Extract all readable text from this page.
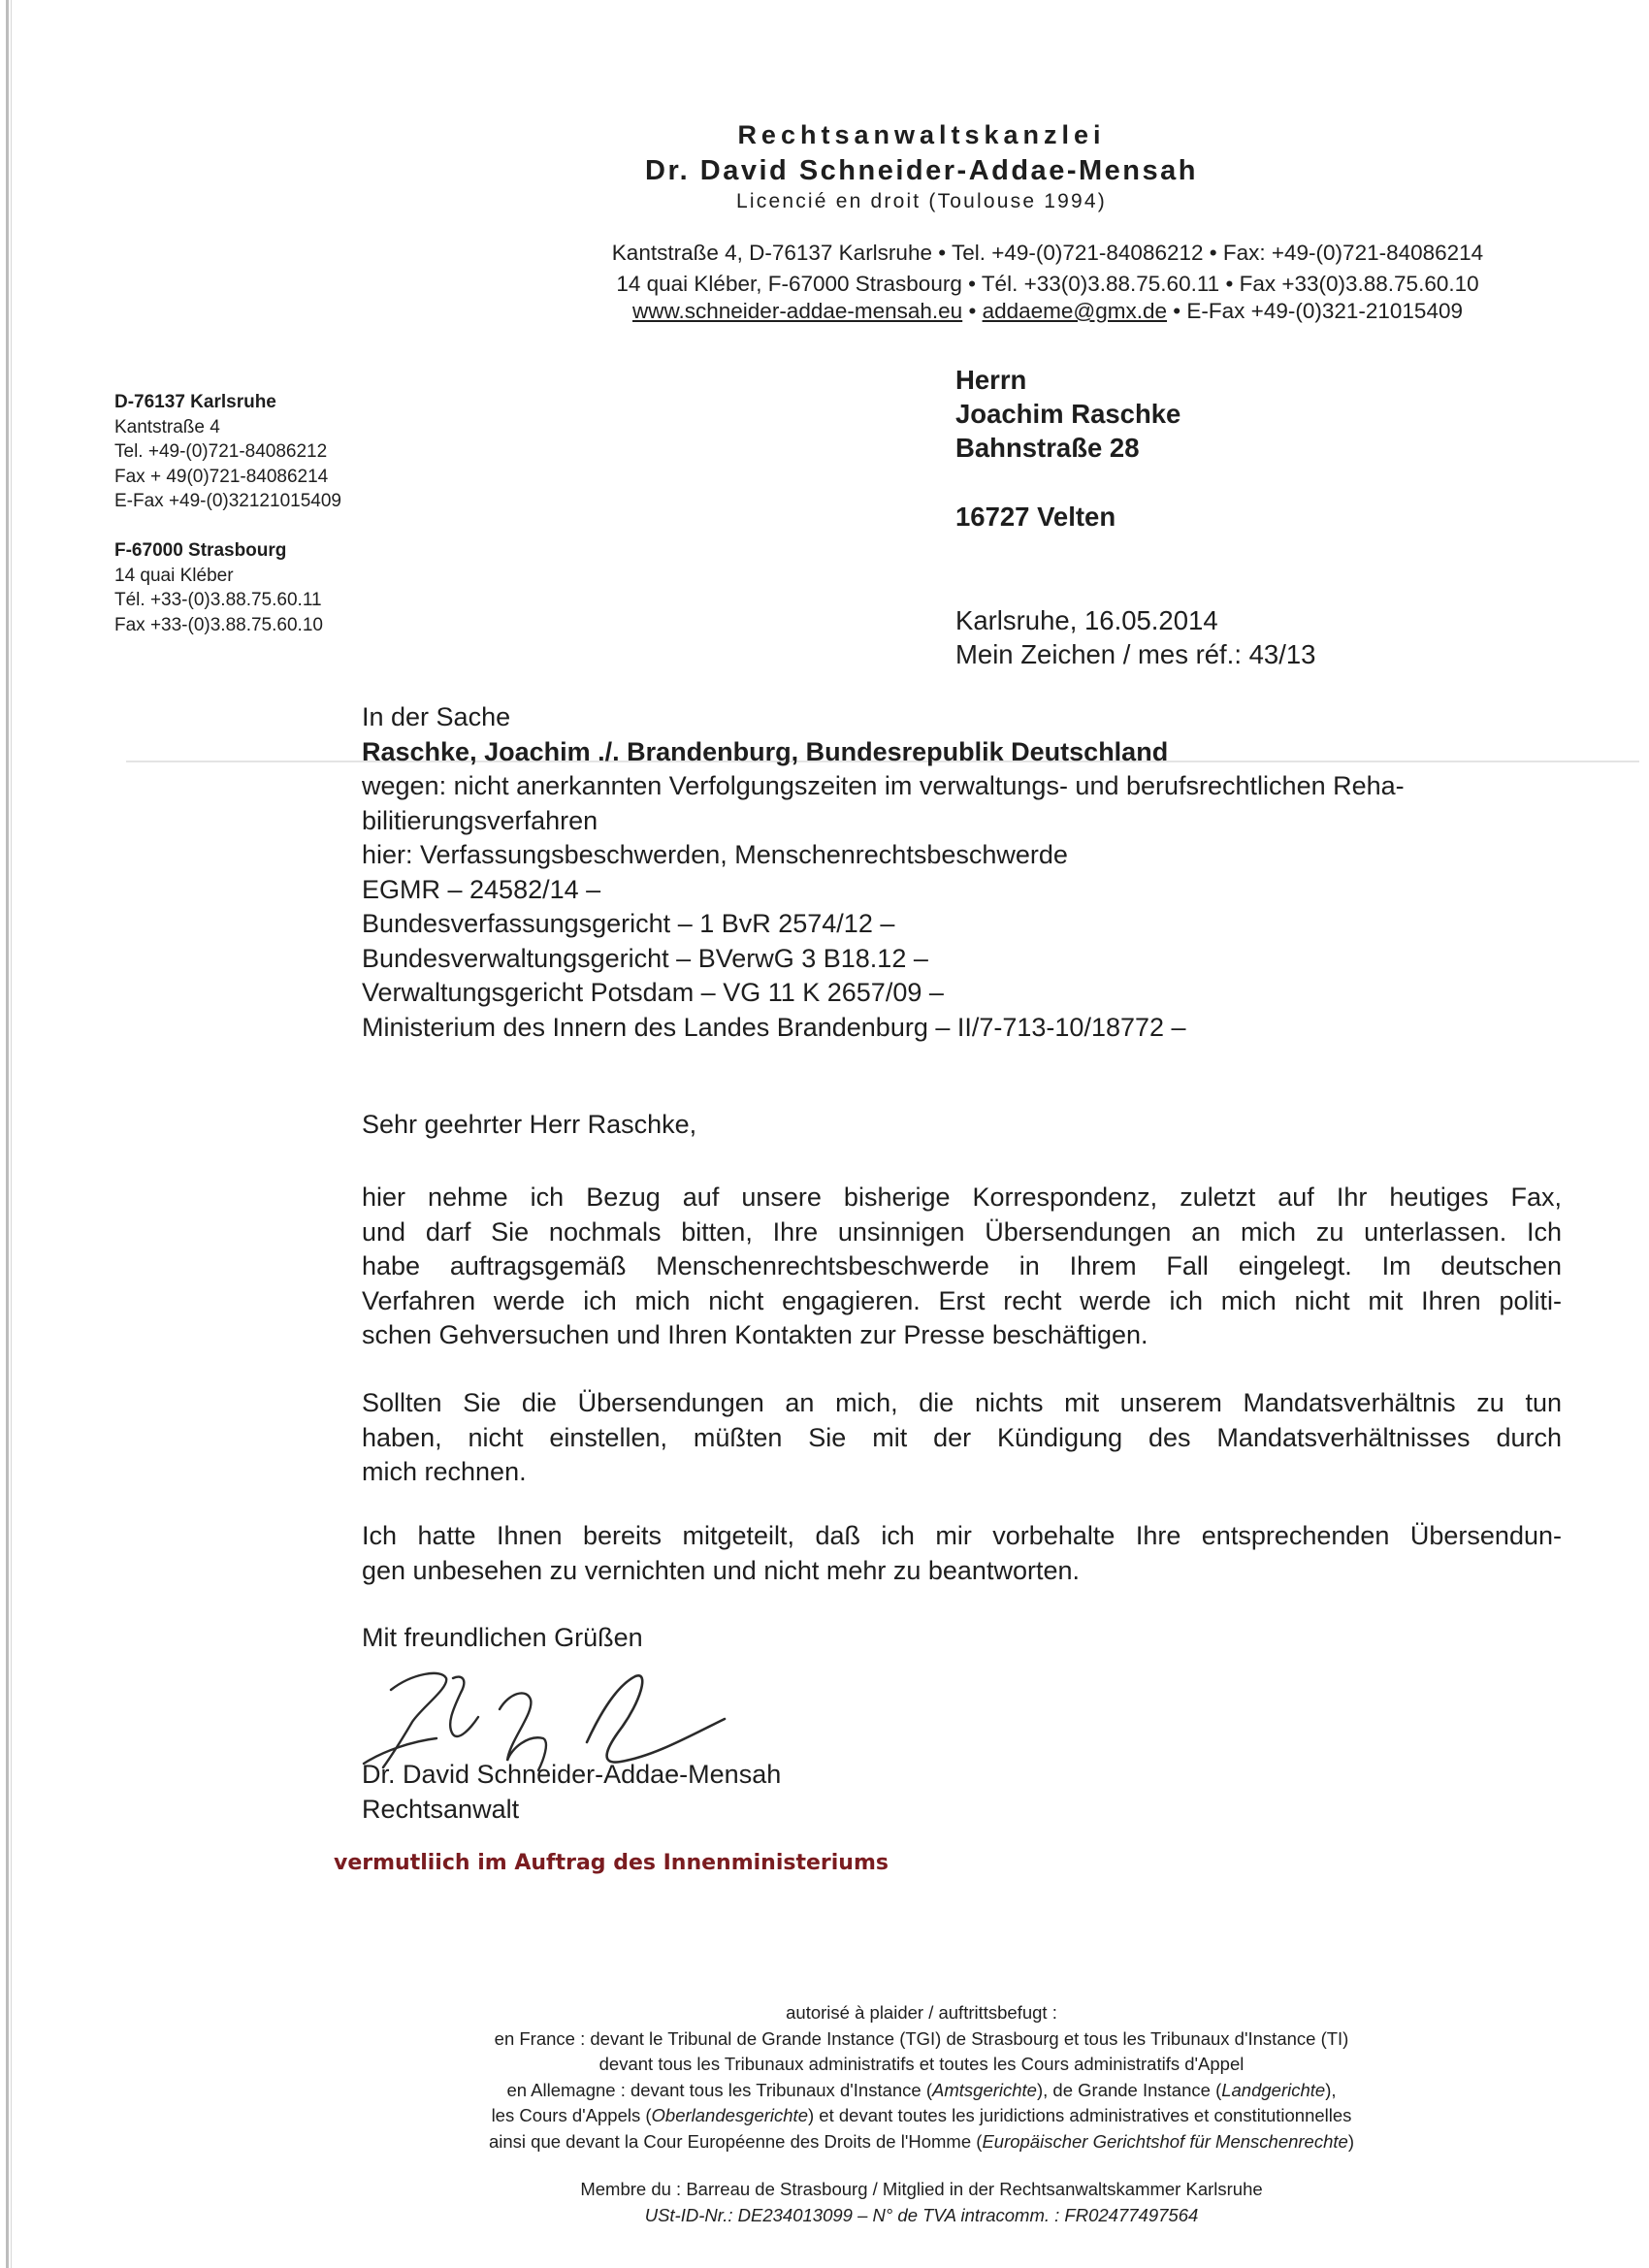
Rechtsanwaltskanzlei
Dr. David Schneider-Addae-Mensah
Licencié en droit (Toulouse 1994)
Kantstraße 4, D-76137 Karlsruhe • Tel. +49-(0)721-84086212 • Fax: +49-(0)721-84086214
14 quai Kléber, F-67000 Strasbourg • Tél. +33(0)3.88.75.60.11 • Fax +33(0)3.88.75.60.10
www.schneider-addae-mensah.eu • addaeme@gmx.de • E-Fax +49-(0)321-21015409
D-76137 Karlsruhe
Kantstraße 4
Tel. +49-(0)721-84086212
Fax + 49(0)721-84086214
E-Fax +49-(0)32121015409
F-67000 Strasbourg
14 quai Kléber
Tél. +33-(0)3.88.75.60.11
Fax +33-(0)3.88.75.60.10
Herrn
Joachim Raschke
Bahnstraße 28
16727 Velten
Karlsruhe, 16.05.2014
Mein Zeichen / mes réf.: 43/13
In der Sache
Raschke, Joachim ./. Brandenburg, Bundesrepublik Deutschland
wegen: nicht anerkannten Verfolgungszeiten im verwaltungs- und berufsrechtlichen Reha-
bilitierungsverfahren
hier: Verfassungsbeschwerden, Menschenrechtsbeschwerde
EGMR – 24582/14 –
Bundesverfassungsgericht – 1 BvR 2574/12 –
Bundesverwaltungsgericht – BVerwG 3 B18.12 –
Verwaltungsgericht Potsdam – VG 11 K 2657/09 –
Ministerium des Innern des Landes Brandenburg – II/7-713-10/18772 –
Sehr geehrter Herr Raschke,
hier nehme ich Bezug auf unsere bisherige Korrespondenz, zuletzt auf Ihr heutiges Fax,
und darf Sie nochmals bitten, Ihre unsinnigen Übersendungen an mich zu unterlassen. Ich
habe auftragsgemäß Menschenrechtsbeschwerde in Ihrem Fall eingelegt. Im deutschen
Verfahren werde ich mich nicht engagieren. Erst recht werde ich mich nicht mit Ihren politi-
schen Gehversuchen und Ihren Kontakten zur Presse beschäftigen.
Sollten Sie die Übersendungen an mich, die nichts mit unserem Mandatsverhältnis zu tun
haben, nicht einstellen, müßten Sie mit der Kündigung des Mandatsverhältnisses durch
mich rechnen.
Ich hatte Ihnen bereits mitgeteilt, daß ich mir vorbehalte Ihre entsprechenden Übersendun-
gen unbesehen zu vernichten und nicht mehr zu beantworten.
Mit freundlichen Grüßen
Dr. David Schneider-Addae-Mensah
Rechtsanwalt
vermutliich im Auftrag des Innenministeriums
autorisé à plaider / auftrittsbefugt :
en France : devant le Tribunal de Grande Instance (TGI) de Strasbourg et tous les Tribunaux d'Instance (TI)
devant tous les Tribunaux administratifs et toutes les Cours administratifs d'Appel
en Allemagne : devant tous les Tribunaux d'Instance (Amtsgerichte), de Grande Instance (Landgerichte),
les Cours d'Appels (Oberlandesgerichte) et devant toutes les juridictions administratives et constitutionnelles
ainsi que devant la Cour Européenne des Droits de l'Homme (Europäischer Gerichtshof für Menschenrechte)
Membre du : Barreau de Strasbourg / Mitglied in der Rechtsanwaltskammer Karlsruhe
USt-ID-Nr.: DE234013099 – N° de TVA intracomm. : FR02477497564
